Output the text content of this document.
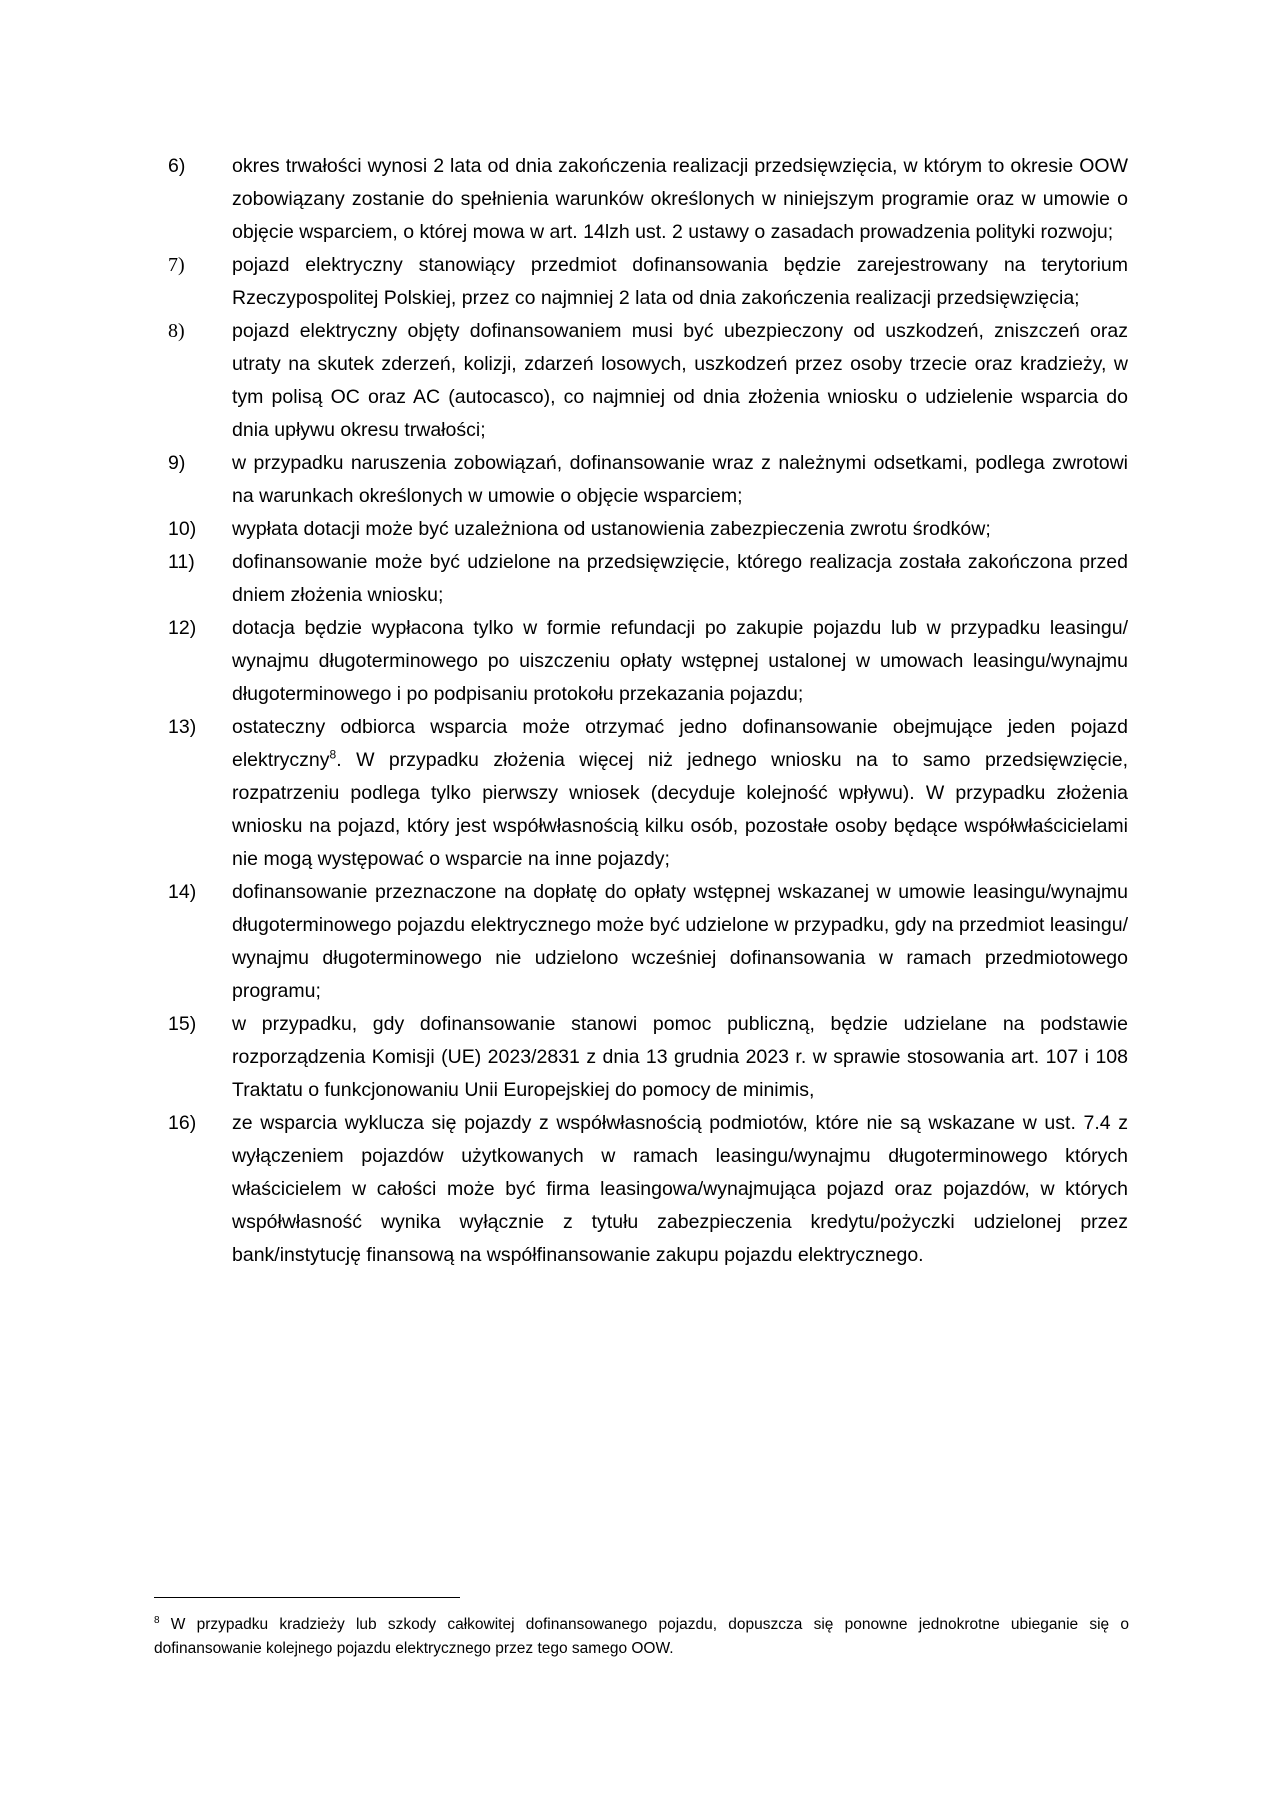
6)	okres trwałości wynosi 2 lata od dnia zakończenia realizacji przedsięwzięcia, w którym to okresie OOW zobowiązany zostanie do spełnienia warunków określonych w niniejszym programie oraz w umowie o objęcie wsparciem, o której mowa w art. 14lzh ust. 2 ustawy o zasadach prowadzenia polityki rozwoju;
7)	pojazd elektryczny stanowiący przedmiot dofinansowania będzie zarejestrowany na terytorium Rzeczypospolitej Polskiej, przez co najmniej 2 lata od dnia zakończenia realizacji przedsięwzięcia;
8)	pojazd elektryczny objęty dofinansowaniem musi być ubezpieczony od uszkodzeń, zniszczeń oraz utraty na skutek zderzeń, kolizji, zdarzeń losowych, uszkodzeń przez osoby trzecie oraz kradzieży, w tym polisą OC oraz AC (autocasco), co najmniej od dnia złożenia wniosku o udzielenie wsparcia do dnia upływu okresu trwałości;
9)	w przypadku naruszenia zobowiązań, dofinansowanie wraz z należnymi odsetkami, podlega zwrotowi na warunkach określonych w umowie o objęcie wsparciem;
10)	wypłata dotacji może być uzależniona od ustanowienia zabezpieczenia zwrotu środków;
11)	dofinansowanie może być udzielone na przedsięwzięcie, którego realizacja została zakończona przed dniem złożenia wniosku;
12)	dotacja będzie wypłacona tylko w formie refundacji po zakupie pojazdu lub w przypadku leasingu/ wynajmu długoterminowego po uiszczeniu opłaty wstępnej ustalonej w umowach leasingu/wynajmu długoterminowego i po podpisaniu protokołu przekazania pojazdu;
13)	ostateczny odbiorca wsparcia może otrzymać jedno dofinansowanie obejmujące jeden pojazd elektryczny$^8$. W przypadku złożenia więcej niż jednego wniosku na to samo przedsięwzięcie, rozpatrzeniu podlega tylko pierwszy wniosek (decyduje kolejność wpływu). W przypadku złożenia wniosku na pojazd, który jest współwłasnością kilku osób, pozostałe osoby będące współwłaścicielami nie mogą występować o wsparcie na inne pojazdy;
14)	dofinansowanie przeznaczone na dopłatę do opłaty wstępnej wskazanej w umowie leasingu/wynajmu długoterminowego pojazdu elektrycznego może być udzielone w przypadku, gdy na przedmiot leasingu/ wynajmu długoterminowego nie udzielono wcześniej dofinansowania w ramach przedmiotowego programu;
15)	w przypadku, gdy dofinansowanie stanowi pomoc publiczną, będzie udzielane na podstawie rozporządzenia Komisji (UE) 2023/2831 z dnia 13 grudnia 2023 r. w sprawie stosowania art. 107 i 108 Traktatu o funkcjonowaniu Unii Europejskiej do pomocy de minimis,
16)	ze wsparcia wyklucza się pojazdy z współwłasnością podmiotów, które nie są wskazane w ust. 7.4 z wyłączeniem pojazdów użytkowanych w ramach leasingu/wynajmu długoterminowego których właścicielem w całości może być firma leasingowa/wynajmująca pojazd oraz pojazdów, w których współwłasność wynika wyłącznie z tytułu zabezpieczenia kredytu/pożyczki udzielonej przez bank/instytucję finansową na współfinansowanie zakupu pojazdu elektrycznego.

$^8$ W przypadku kradzieży lub szkody całkowitej dofinansowanego pojazdu, dopuszcza się ponowne jednokrotne ubieganie się o dofinansowanie kolejnego pojazdu elektrycznego przez tego samego OOW.
